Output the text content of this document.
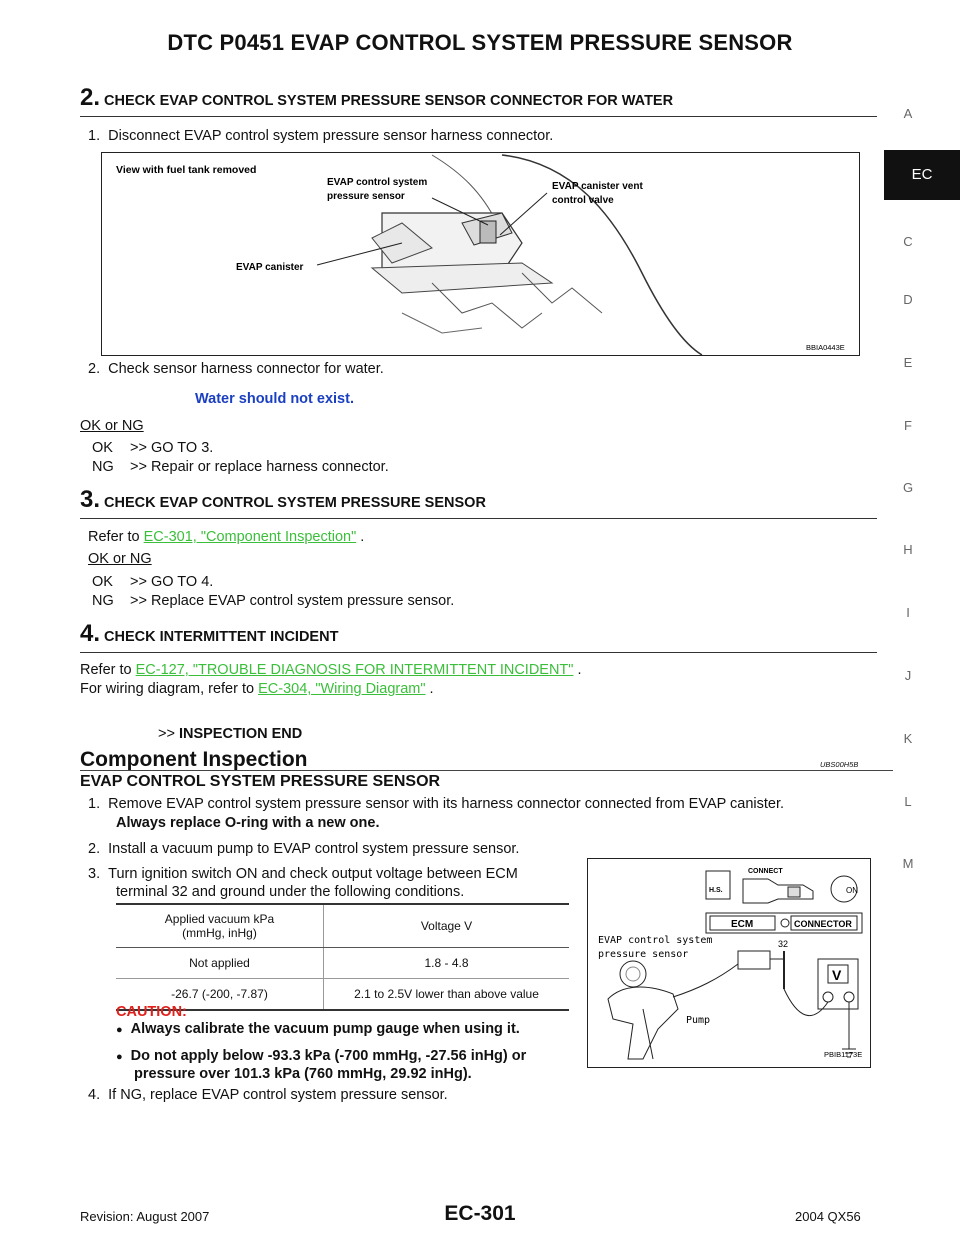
DTC P0451 EVAP CONTROL SYSTEM PRESSURE SENSOR
EC
A
C
D
E
F
G
H
I
J
K
L
M
2. CHECK EVAP CONTROL SYSTEM PRESSURE SENSOR CONNECTOR FOR WATER
1.  Disconnect EVAP control system pressure sensor harness connector.
View with fuel tank removed
EVAP control system
pressure sensor
EVAP canister vent
control valve
EVAP canister
BBIA0443E
2.  Check sensor harness connector for water.
Water should not exist.
OK or NG
OK >> GO TO 3.
NG >> Repair or replace harness connector.
3. CHECK EVAP CONTROL SYSTEM PRESSURE SENSOR
Refer to EC-301, "Component Inspection" .
OK or NG
OK >> GO TO 4.
NG >> Replace EVAP control system pressure sensor.
4. CHECK INTERMITTENT INCIDENT
Refer to EC-127, "TROUBLE DIAGNOSIS FOR INTERMITTENT INCIDENT" .
For wiring diagram, refer to EC-304, "Wiring Diagram" .
>> INSPECTION END
Component Inspection	UBS00H5B
EVAP CONTROL SYSTEM PRESSURE SENSOR
1.  Remove EVAP control system pressure sensor with its harness connector connected from EVAP canister.
Always replace O-ring with a new one.
2.  Install a vacuum pump to EVAP control system pressure sensor.
3.  Turn ignition switch ON and check output voltage between ECM
terminal 32 and ground under the following conditions.
Applied vacuum kPa
(mmHg, inHg)	Voltage V
Not applied	1.8 - 4.8
-26.7 (-200, -7.87)	2.1 to 2.5V lower than above value
CAUTION:
● Always calibrate the vacuum pump gauge when using it.
● Do not apply below -93.3 kPa (-700 mmHg, -27.56 inHg) or
pressure over 101.3 kPa (760 mmHg, 29.92 inHg).
4.  If NG, replace EVAP control system pressure sensor.
H.S.
CONNECT
ON
ECM	CONNECTOR
EVAP control system
pressure sensor
32
V
Pump
PBIB1173E
Revision: August 2007	EC-301	2004 QX56
